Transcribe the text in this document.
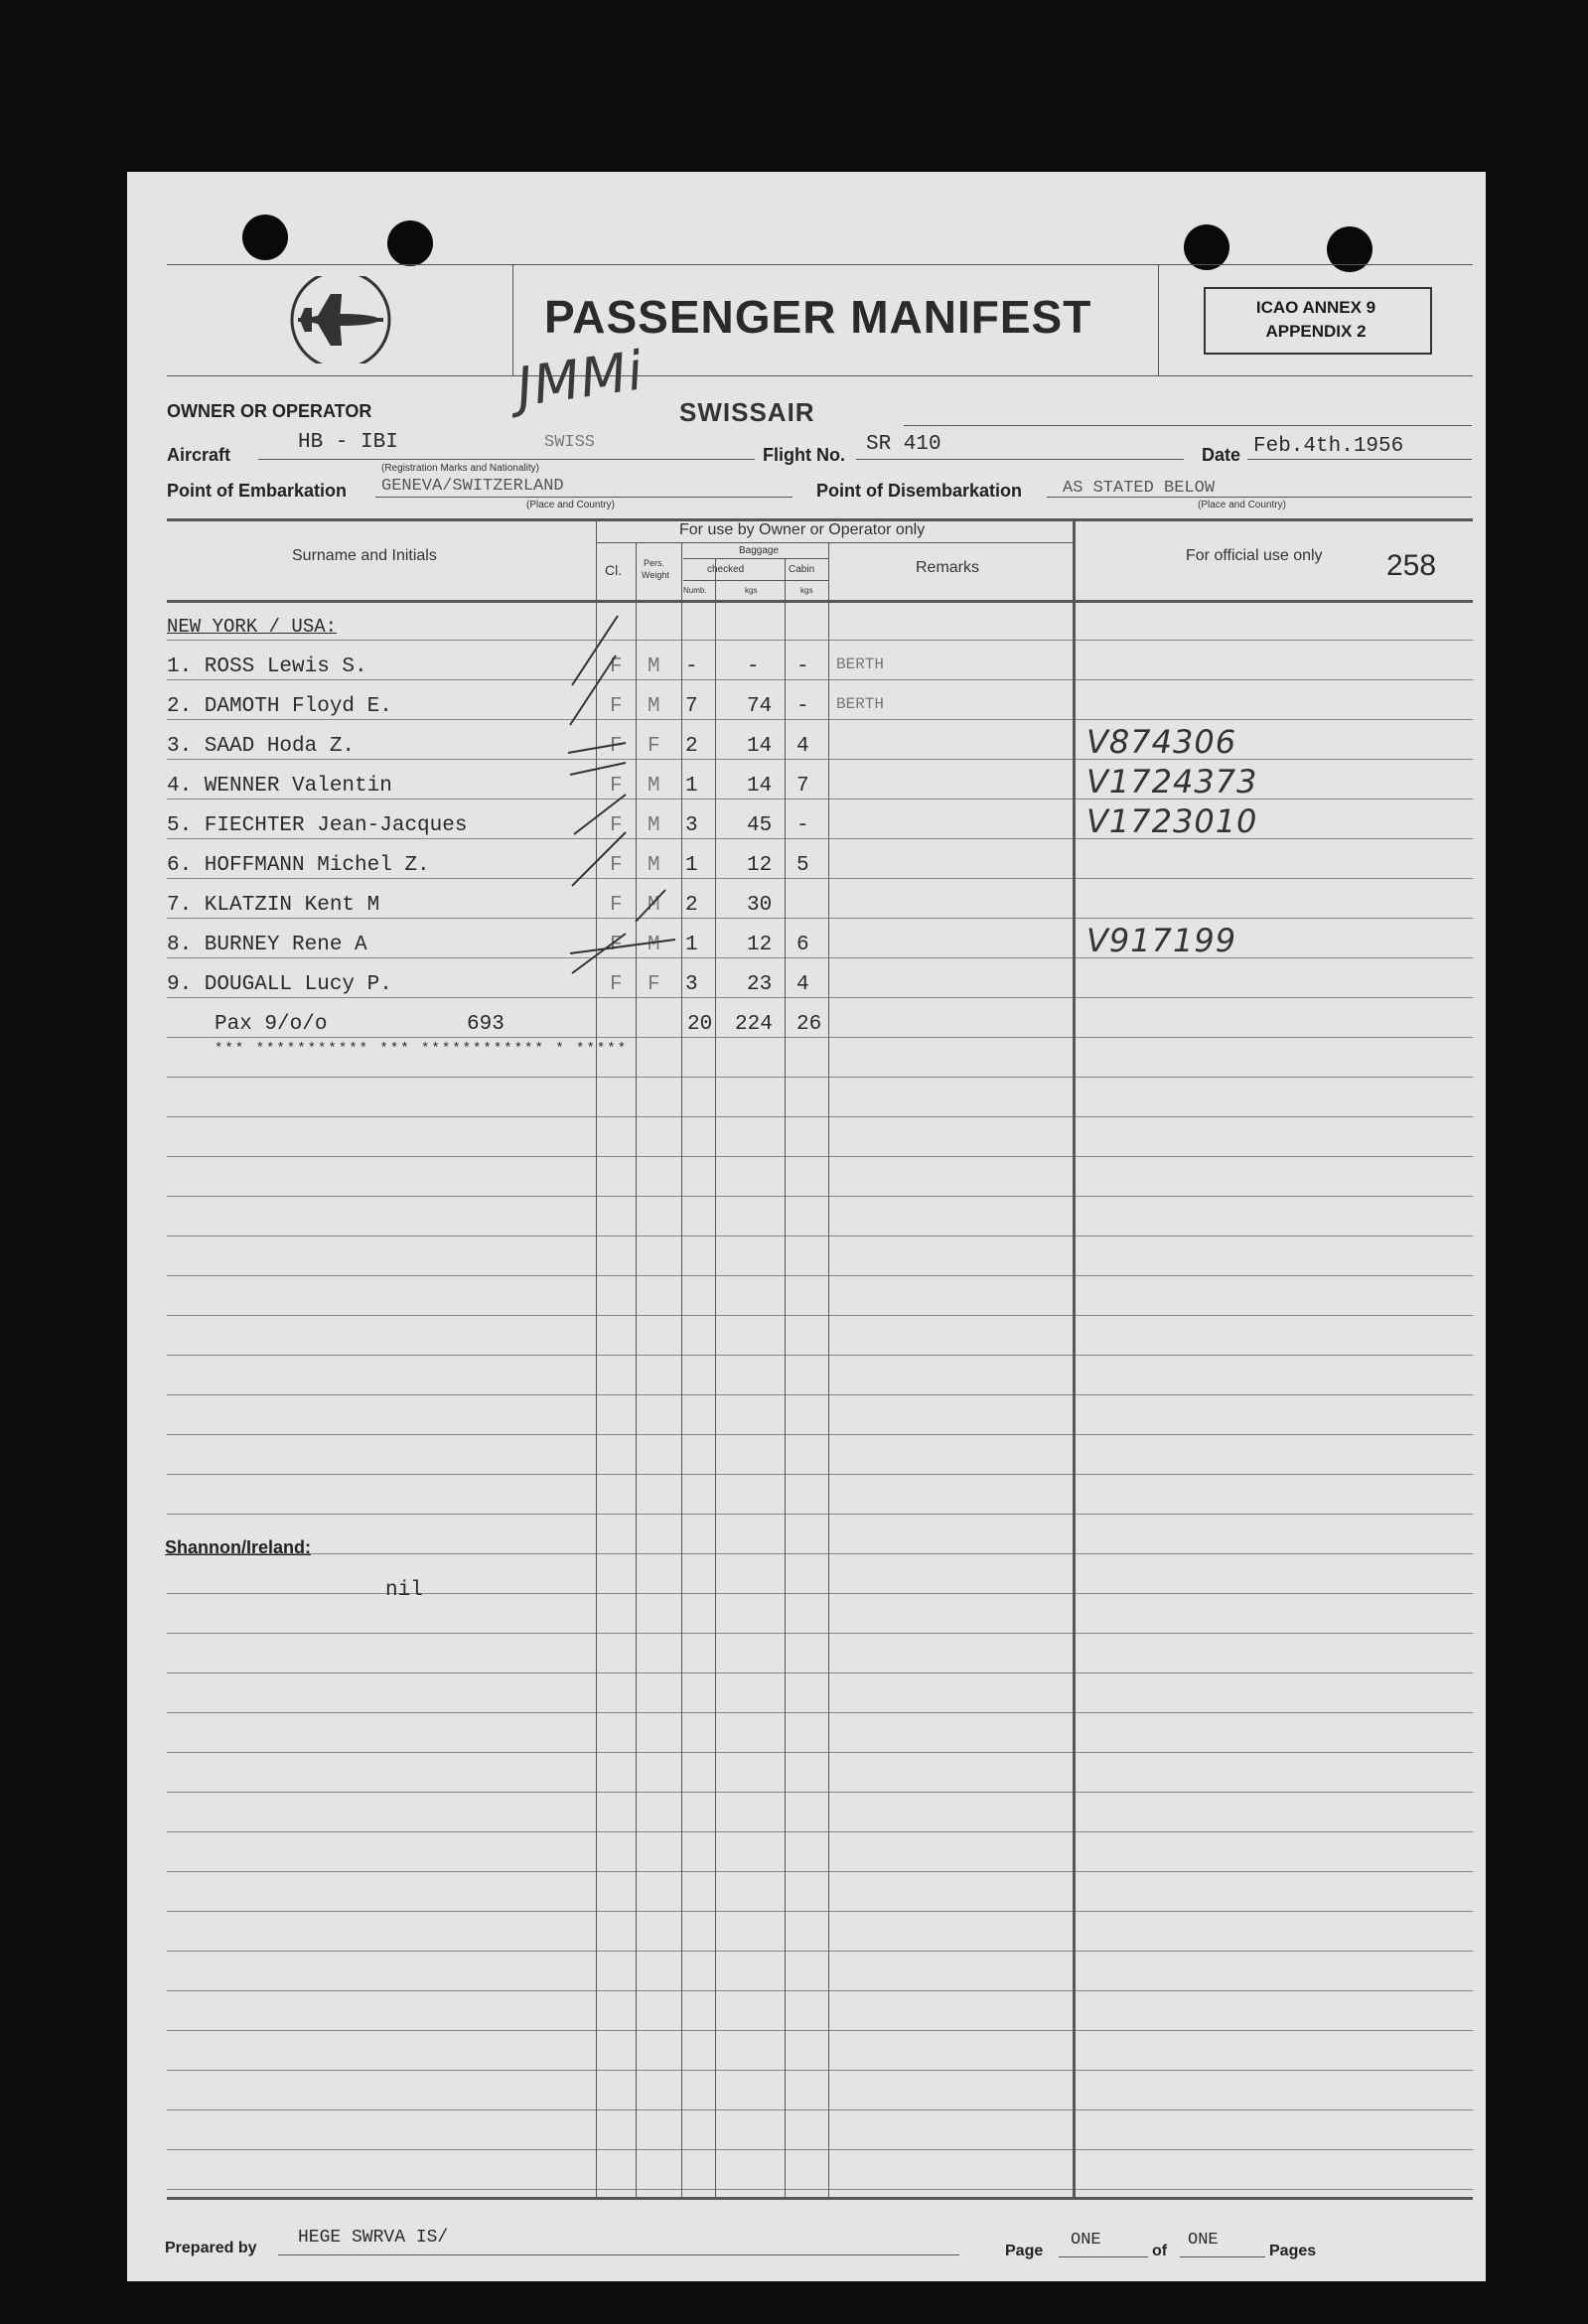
PASSENGER MANIFEST	ICAO ANNEX 9
APPENDIX 2
JMMi
OWNER OR OPERATOR	SWISSAIR
Aircraft
HB - IBI	SWISS
(Registration Marks and Nationality)
Flight No. SR 410	Date Feb.4th.1956
Point of Embarkation GENEVA/SWITZERLAND
(Place and Country)
Point of Disembarkation AS STATED BELOW
(Place and Country)
Surname and Initials
For use by Owner or Operator only
Cl. Pers.
Weight
Baggage
checked	Cabin
Numb.	kgs	kgs
Remarks
For official use only 258
NEW YORK / USA:
1. ROSS Lewis S.	F M - - - BERTH
2. DAMOTH Floyd E.	F M 7 74 - BERTH
3. SAAD Hoda Z.	F F 2 14 4	V874306
4. WENNER Valentin	F M 1 14 7	V1724373
5. FIECHTER Jean-Jacques	F M 3 45 -	V1723010
6. HOFFMANN Michel Z.	F M 1 12 5
7. KLATZIN Kent M	F M 2 30
8. BURNEY Rene A	F M 1 12 6	V917199
9. DOUGALL Lucy P.	F F 3 23 4
Pax 9/o/o	693	20 224 26
*** *********** *** ************ * *****
Shannon/Ireland:
nil
Prepared by
HEGE SWRVA IS/
Page
ONE
of
ONE
Pages
